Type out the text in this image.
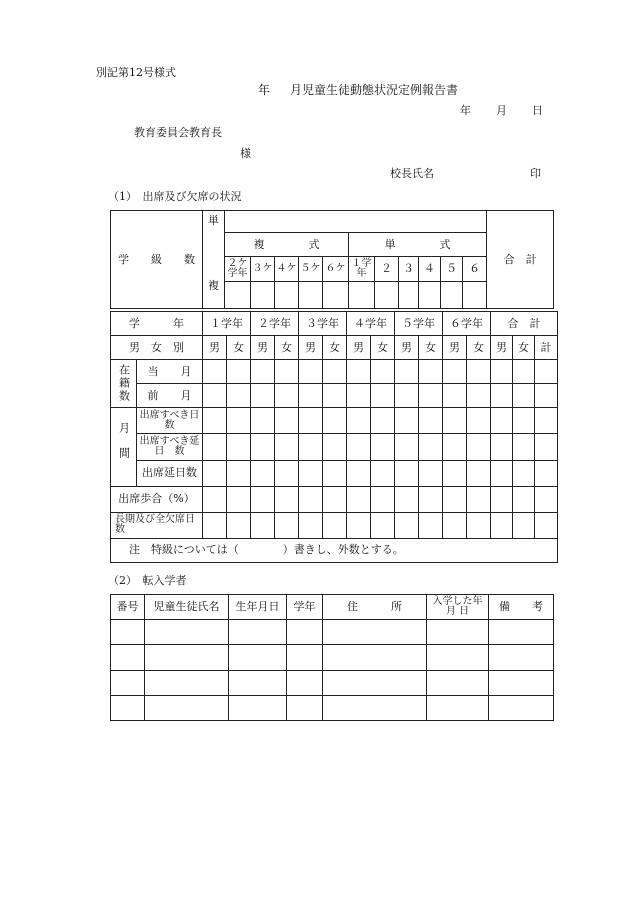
別記第12号様式
年 月児童生徒動態状況定例報告書
年 月 日
教育委員会教育長
様
校長氏名	印
（1）　出席及び欠席の状況
学　　級　　数	単												合　計
		複　　　　式					単　　　　式						
	複	２ケ学年	３ケ	４ケ	５ケ	６ケ	１学年	２	３	４	５	６	

学　　　年		１学年		２学年		３学年		４学年		５学年		６学年		合　計		
男　女　別		男	女	男	女	男	女	男	女	男	女	男	女	男	女	計
在籍数	当　　月															
	前　　月															
月間	出席すべき日　　数															
	出席すべき延　日　数															
	出席延日数															
出席歩合（%）																
長期及び全欠席日　　　　数																
注　特級については（　　　　）書きし、外数とする。																
（2）　転入学者
番号	児童生徒氏名	生年月日	学年	住　　　所	入学した年 月 日	備　　考
